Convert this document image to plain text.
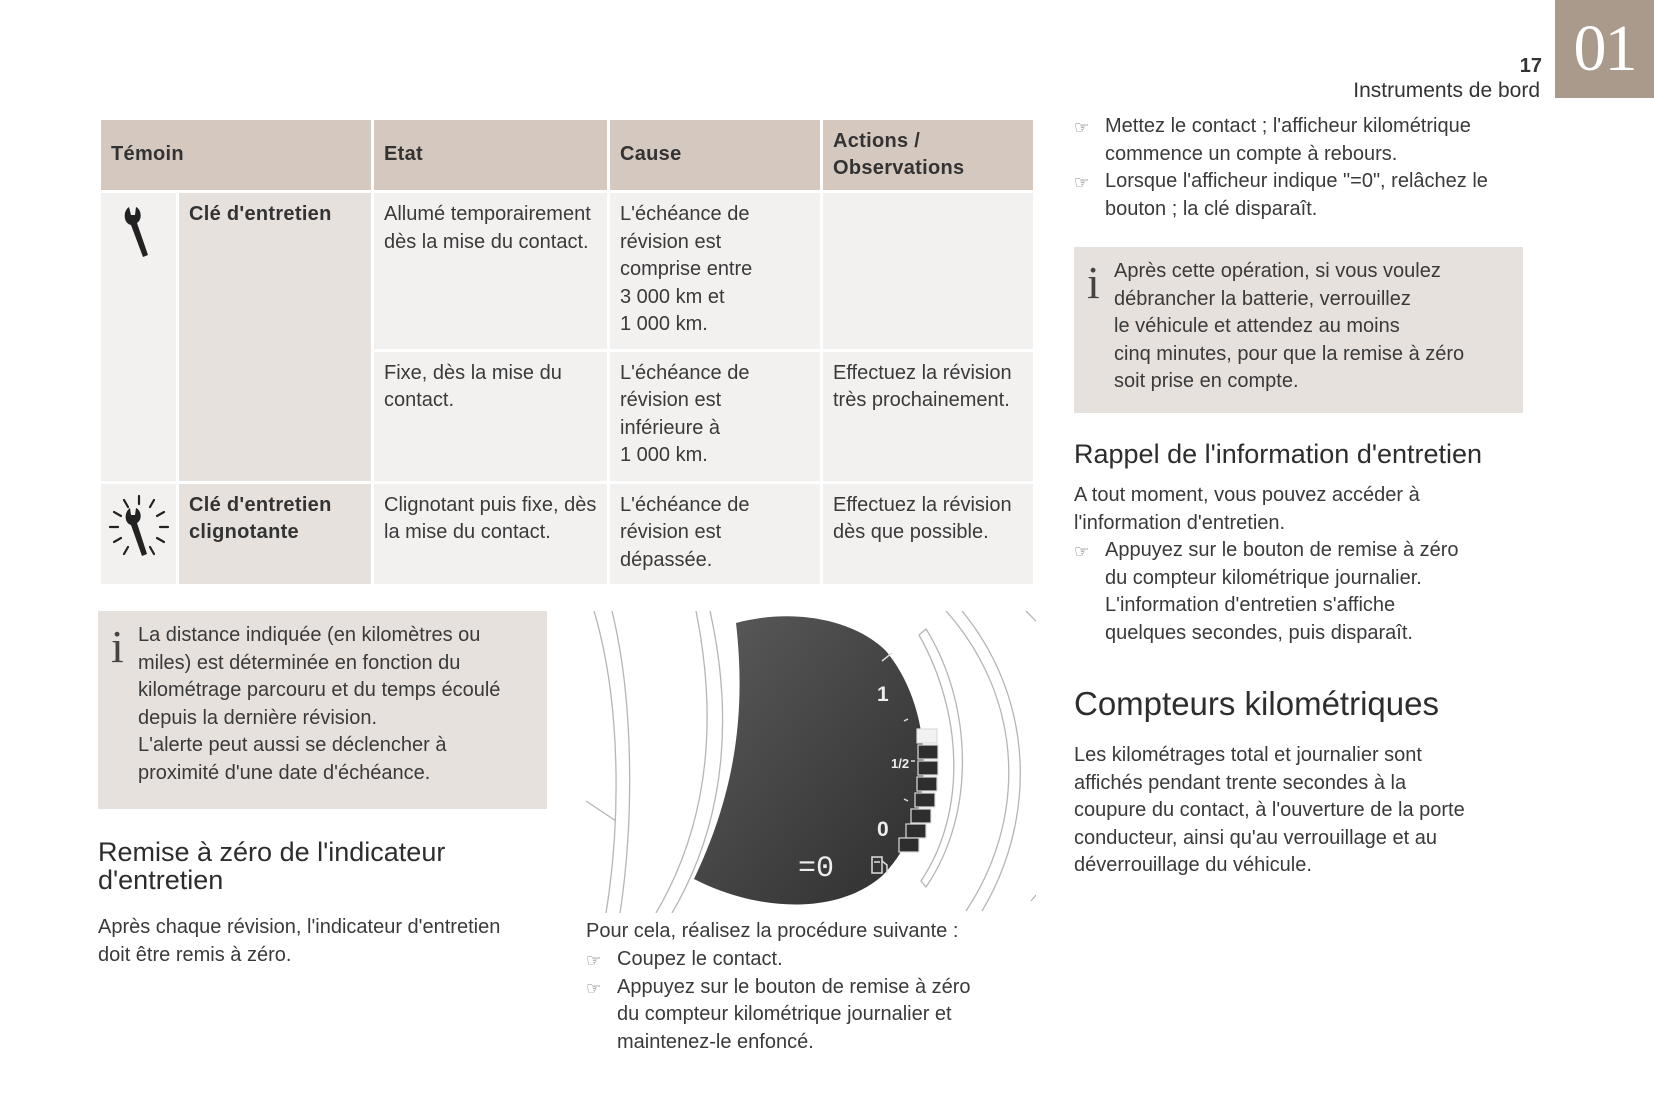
01
17
Instruments de bord
Témoin		Etat	Cause	Actions / Observations

	Clé d'entretien	Allumé temporairement dès la mise du contact.	L'échéance de
révision est
comprise entre
3 000 km et
1 000 km.	
		Fixe, dès la mise du contact.	L'échéance de
révision est
inférieure à
1 000 km.	Effectuez la révision très prochainement.

Clé d'entretien clignotante	Clignotant puis fixe, dès la mise du contact.	L'échéance de
révision est
dépassée.	Effectuez la révision dès que possible.
i La distance indiquée (en kilomètres ou
miles) est déterminée en fonction du
kilométrage parcouru et du temps écoulé
depuis la dernière révision.
L'alerte peut aussi se déclencher à
proximité d'une date d'échéance.
Remise à zéro de l'indicateur d'entretien
Après chaque révision, l'indicateur d'entretien
doit être remis à zéro.
1
1/2
0
=0
Pour cela, réalisez la procédure suivante :
☞ Coupez le contact.
☞ Appuyez sur le bouton de remise à zéro
du compteur kilométrique journalier et
maintenez-le enfoncé.
☞ Mettez le contact ; l'afficheur kilométrique
commence un compte à rebours.
☞ Lorsque l'afficheur indique "=0", relâchez le
bouton ; la clé disparaît.
i Après cette opération, si vous voulez
débrancher la batterie, verrouillez
le véhicule et attendez au moins
cinq minutes, pour que la remise à zéro
soit prise en compte.
Rappel de l'information d'entretien
A tout moment, vous pouvez accéder à
l'information d'entretien.
☞ Appuyez sur le bouton de remise à zéro
du compteur kilométrique journalier.
L'information d'entretien s'affiche
quelques secondes, puis disparaît.
Compteurs kilométriques
Les kilométrages total et journalier sont
affichés pendant trente secondes à la
coupure du contact, à l'ouverture de la porte
conducteur, ainsi qu'au verrouillage et au
déverrouillage du véhicule.
